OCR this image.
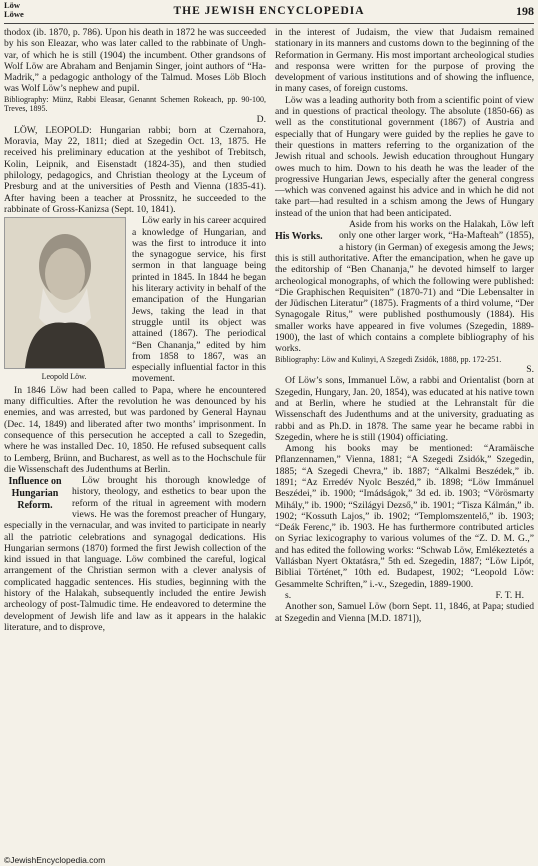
Löw
Löwe	THE JEWISH ENCYCLOPEDIA	198

thodox (ib. 1870, p. 786). Upon his death in 1872 he was succeeded by his son Eleazar, who was later called to the rabbinate of Unghvar, of which he is still (1904) the incumbent. Other grandsons of Wolf Löw are Abraham and Benjamin Singer, joint authors of “Ha-Madrik,” a pedagogic anthology of the Talmud. Moses Löb Bloch was Wolf Löw’s nephew and pupil.

Bibliography: Münz, Rabbi Eleasar, Genannt Schemen Rokeach, pp. 90-100, Treves, 1895.

D.

LÖW, LEOPOLD: Hungarian rabbi; born at Czernahora, Moravia, May 22, 1811; died at Szegedin Oct. 13, 1875. He received his preliminary education at the yeshibot of Trebitsch, Kolin, Leipnik, and Eisenstadt (1824-35), and then studied philology, pedagogics, and Christian theology at the Lyceum of Presburg and at the universities of Pesth and Vienna (1835-41). After having been a teacher at Prossnitz, he succeeded to the rabbinate of Gross-Kanizsa (Sept. 10, 1841).

Leopold Löw.

Löw early in his career acquired a knowledge of Hungarian, and was the first to introduce it into the synagogue service, his first sermon in that language being printed in 1845. In 1844 he began his literary activity in behalf of the emancipation of the Hungarian Jews, taking the lead in that struggle until its object was attained (1867). The periodical “Ben Chananja,” edited by him from 1858 to 1867, was an especially influential factor in this movement.

In 1846 Löw had been called to Papa, where he encountered many difficulties. After the revolution he was denounced by his enemies, and was arrested, but was pardoned by General Haynau (Dec. 14, 1849) and liberated after two months’ imprisonment. In consequence of this persecution he accepted a call to Szegedin, where he was installed Dec. 10, 1850. He refused subsequent calls to Lemberg, Brünn, and Bucharest, as well as to the Hochschule für die Wissenschaft des Judenthums at Berlin.

Influence on Hungarian Reform.

Löw brought his thorough knowledge of history, theology, and esthetics to bear upon the reform of the ritual in agreement with modern views. He was the foremost preacher of Hungary, especially in the vernacular, and was invited to participate in nearly all the patriotic celebrations and synagogal dedications. His Hungarian sermons (1870) formed the first Jewish collection of the kind issued in that language. Löw combined the careful, logical arrangement of the Christian sermon with a clever analysis of complicated haggadic sentences. His studies, beginning with the history of the Halakah, subsequently included the entire Jewish archeology of post-Talmudic time. He endeavored to determine the development of Jewish life and law as it appears in the halakic literature, and to disprove,

in the interest of Judaism, the view that Judaism remained stationary in its manners and customs down to the beginning of the Reformation in Germany. His most important archeological studies and responsa were written for the purpose of proving the development of various institutions and of showing the influence, in many cases, of foreign customs.

Löw was a leading authority both from a scientific point of view and in questions of practical theology. The absolute (1850-66) as well as the constitutional government (1867) of Austria and especially that of Hungary were guided by the replies he gave to their questions in matters referring to the organization of the Jewish ritual and schools. Jewish education throughout Hungary owes much to him. Down to his death he was the leader of the progressive Hungarian Jews, especially after the general congress—which was convened against his advice and in which he did not take part—had resulted in a schism among the Jews of Hungary instead of the union that had been anticipated.

His Works.

Aside from his works on the Halakah, Löw left only one other larger work, “Ha-Mafteah” (1855), a history (in German) of exegesis among the Jews; this is still authoritative. After the emancipation, when he gave up the editorship of “Ben Chananja,” he devoted himself to larger archeological monographs, of which the following were published: “Die Graphischen Requisiten” (1870-71) and “Die Lebensalter in der Jüdischen Literatur” (1875). Fragments of a third volume, “Der Synagogale Ritus,” were published posthumously (1884). His smaller works have appeared in five volumes (Szegedin, 1889-1900), the last of which contains a complete bibliography of his works.

Bibliography: Löw and Kulinyi, A Szegedi Zsidók, 1888, pp. 172-251.

S.

Of Löw’s sons, Immanuel Löw, a rabbi and Orientalist (born at Szegedin, Hungary, Jan. 20, 1854), was educated at his native town and at Berlin, where he studied at the Lehranstalt für die Wissenschaft des Judenthums and at the university, graduating as rabbi and as Ph.D. in 1878. The same year he became rabbi in Szegedin, where he is still (1904) officiating.

Among his books may be mentioned: “Aramäische Pflanzennamen,” Vienna, 1881; “A Szegedi Zsidók,” Szegedin, 1885; “A Szegedi Chevra,” ib. 1887; “Alkalmi Beszédek,” ib. 1891; “Az Erredév Nyolc Beszéd,” ib. 1898; “Löw Immánuel Beszédei,” ib. 1900; “Imádságok,” 3d ed. ib. 1903; “Vörösmarty Mihály,” ib. 1900; “Szilágyi Dezső,” ib. 1901; “Tisza Kálmán,” ib. 1902; “Kossuth Lajos,” ib. 1902; “Templomszentelő,” ib. 1903; “Deák Ferenc,” ib. 1903. He has furthermore contributed articles on Syriac lexicography to various volumes of the “Z. D. M. G.,” and has edited the following works: “Schwab Löw, Emlékeztetés a Vallásban Nyert Oktatásra,” 5th ed. Szegedin, 1887; “Löw Lipót, Bibliai Történet,” 10th ed. Budapest, 1902; “Leopold Löw: Gesammelte Schriften,” i.-v., Szegedin, 1889-1900.

s.	F. T. H.

Another son, Samuel Löw (born Sept. 11, 1846, at Papa; studied at Szegedin and Vienna [M.D. 1871]),

©JewishEncyclopedia.com
